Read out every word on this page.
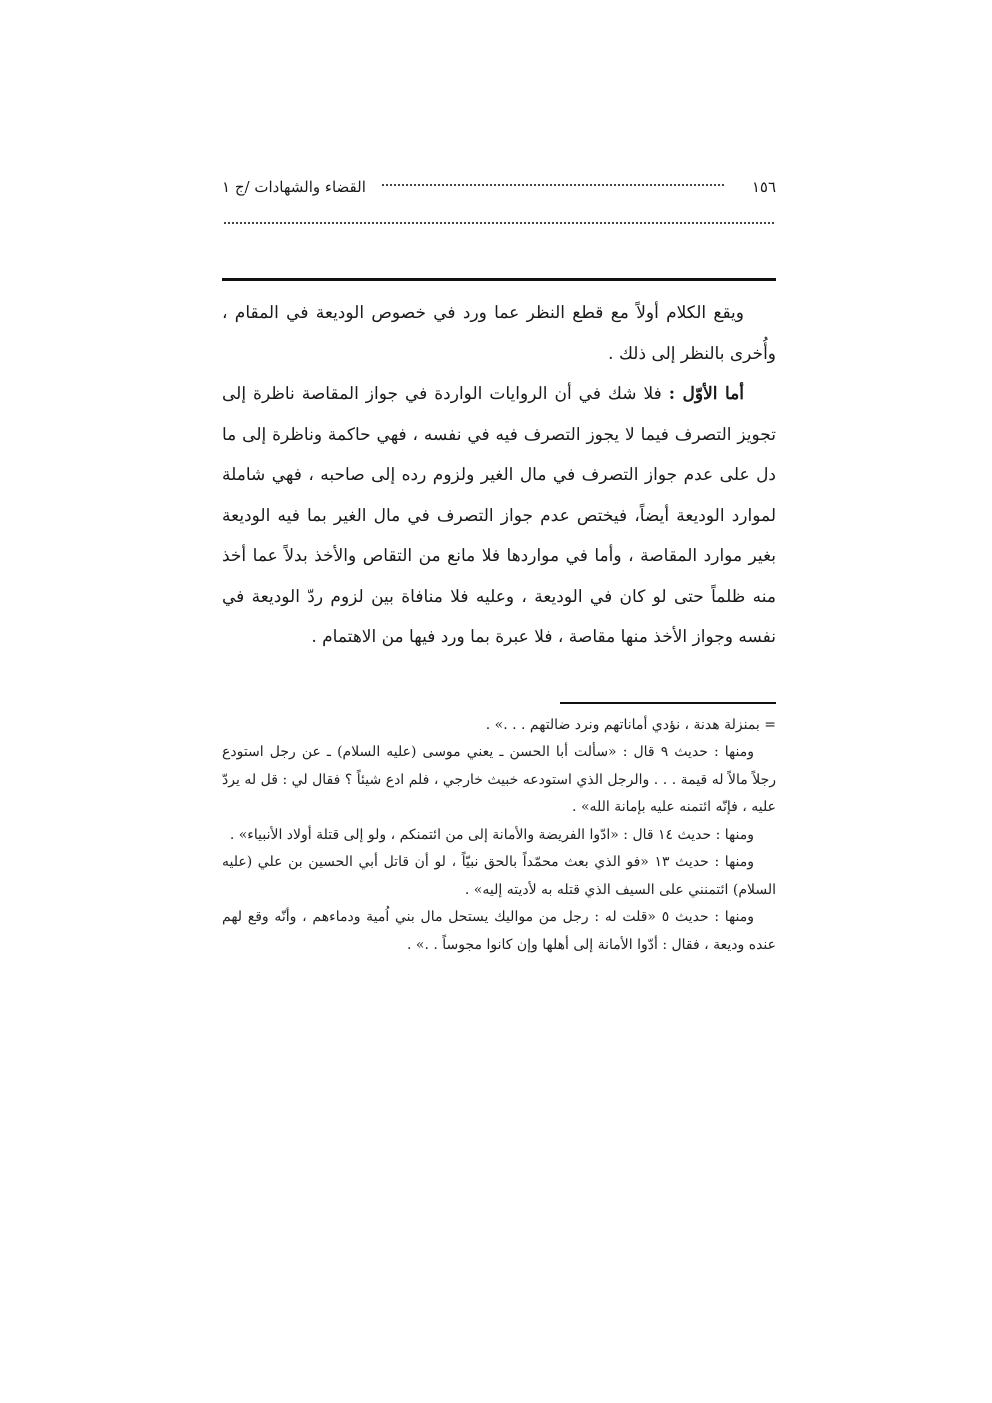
١٥٦
القضاء والشهادات /ج ١

ويقع الكلام أولاً مع قطع النظر عما ورد في خصوص الوديعة في المقام ، وأُخرى بالنظر إلى ذلك .

أما الأوّل : فلا شك في أن الروايات الواردة في جواز المقاصة ناظرة إلى تجويز التصرف فيما لا يجوز التصرف فيه في نفسه ، فهي حاكمة وناظرة إلى ما دل على عدم جواز التصرف في مال الغير ولزوم رده إلى صاحبه ، فهي شاملة لموارد الوديعة أيضاً، فيختص عدم جواز التصرف في مال الغير بما فيه الوديعة بغير موارد المقاصة ، وأما في مواردها فلا مانع من التقاص والأخذ بدلاً عما أخذ منه ظلماً حتى لو كان في الوديعة ، وعليه فلا منافاة بين لزوم ردّ الوديعة في نفسه وجواز الأخذ منها مقاصة ، فلا عبرة بما ورد فيها من الاهتمام .

= بمنزلة هدنة ، نؤدي أماناتهم ونرد ضالتهم . . .» .

ومنها : حديث ٩ قال : «سألت أبا الحسن ـ يعني موسى (عليه السلام) ـ عن رجل استودع رجلاً مالاً له قيمة . . . والرجل الذي استودعه خبيث خارجي ، فلم ادع شيئاً ؟ فقال لي : قل له يردّ عليه ، فإنّه ائتمنه عليه بإمانة الله» .

ومنها : حديث ١٤ قال : «ادّوا الفريضة والأمانة إلى من ائتمنكم ، ولو إلى قتلة أولاد الأنبياء» .

ومنها : حديث ١٣ «فو الذي بعث محمّداً بالحق نبيّاً ، لو أن قاتل أبي الحسين بن علي (عليه السلام) ائتمنني على السيف الذي قتله به لأديته إليه» .

ومنها : حديث ٥ «قلت له : رجل من مواليك يستحل مال بني اُمية ودماءهم ، وأنّه وقع لهم عنده وديعة ، فقال : أدّوا الأمانة إلى أهلها وإن كانوا مجوساً . .» .
